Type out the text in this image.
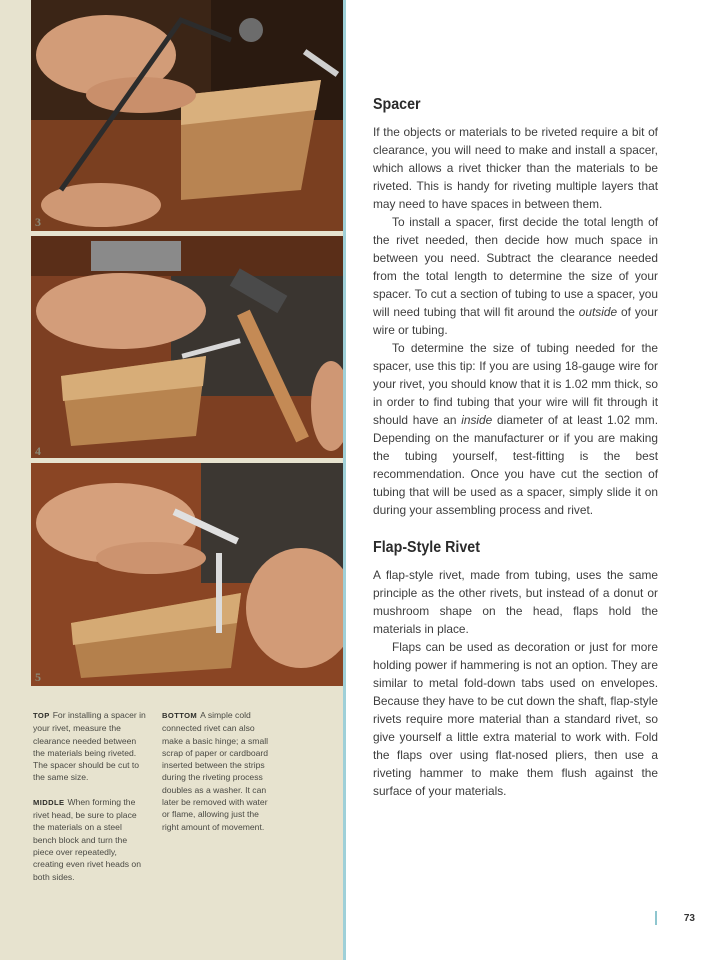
3
4
5

TOP For installing a spacer in your rivet, measure the clearance needed between the materials being riveted. The spacer should be cut to the same size.

MIDDLE When forming the rivet head, be sure to place the materials on a steel bench block and turn the piece over repeatedly, creating even rivet heads on both sides.

BOTTOM A simple cold connected rivet can also make a basic hinge; a small scrap of paper or cardboard inserted between the strips during the riveting process doubles as a washer. It can later be removed with water or flame, allowing just the right amount of movement.

Spacer

If the objects or materials to be riveted require a bit of clearance, you will need to make and install a spacer, which allows a rivet thicker than the materials to be riveted. This is handy for riveting multiple layers that may need to have spaces in between them.

To install a spacer, first decide the total length of the rivet needed, then decide how much space in between you need. Subtract the clearance needed from the total length to determine the size of your spacer. To cut a section of tubing to use a spacer, you will need tubing that will fit around the outside of your wire or tubing.

To determine the size of tubing needed for the spacer, use this tip: If you are using 18-gauge wire for your rivet, you should know that it is 1.02 mm thick, so in order to find tubing that your wire will fit through it should have an inside diameter of at least 1.02 mm. Depending on the manufacturer or if you are making the tubing yourself, test-fitting is the best recommendation. Once you have cut the section of tubing that will be used as a spacer, simply slide it on during your assembling process and rivet.

Flap-Style Rivet

A flap-style rivet, made from tubing, uses the same principle as the other rivets, but instead of a donut or mushroom shape on the head, flaps hold the materials in place.

Flaps can be used as decoration or just for more holding power if hammering is not an option. They are similar to metal fold-down tabs used on envelopes. Because they have to be cut down the shaft, flap-style rivets require more material than a standard rivet, so give yourself a little extra material to work with. Fold the flaps over using flat-nosed pliers, then use a riveting hammer to make them flush against the surface of your materials.

73
